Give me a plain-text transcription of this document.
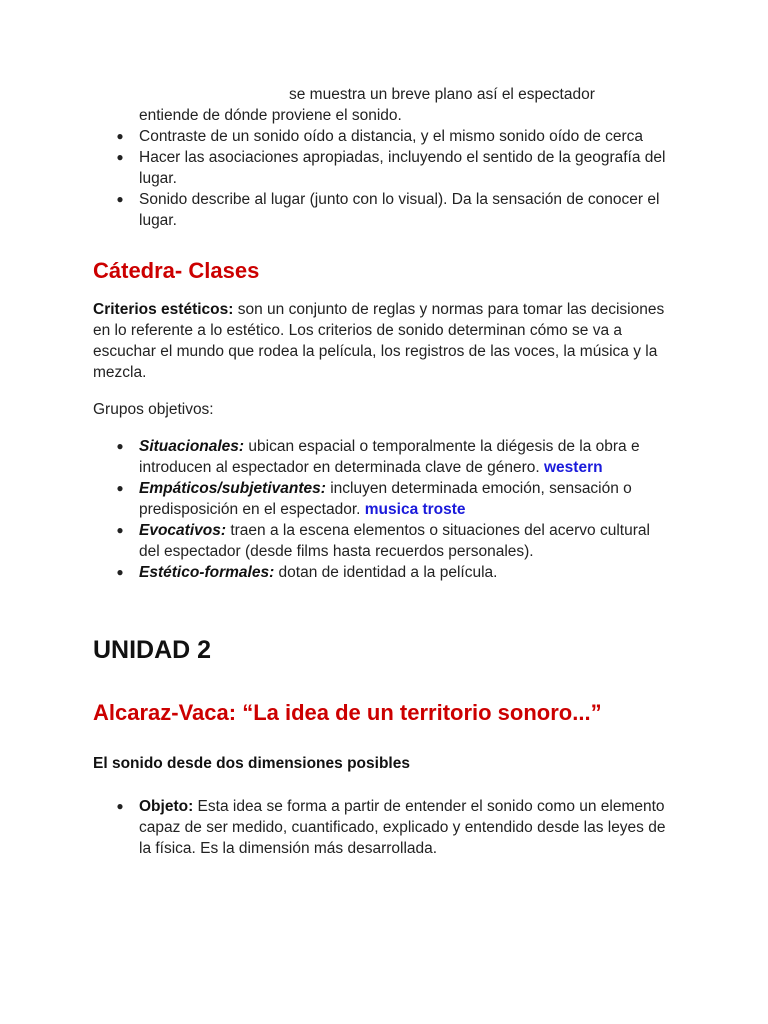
se muestra un breve plano así el espectador
entiende de dónde proviene el sonido.
● Contraste de un sonido oído a distancia, y el mismo sonido oído de cerca
● Hacer las asociaciones apropiadas, incluyendo el sentido de la geografía del lugar.
● Sonido describe al lugar (junto con lo visual). Da la sensación de conocer el lugar.
Cátedra- Clases

Criterios estéticos: son un conjunto de reglas y normas para tomar las decisiones en lo referente a lo estético. Los criterios de sonido determinan cómo se va a escuchar el mundo que rodea la película, los registros de las voces, la música y la mezcla.

Grupos objetivos:

● Situacionales: ubican espacial o temporalmente la diégesis de la obra e introducen al espectador en determinada clave de género. western
● Empáticos/subjetivantes: incluyen determinada emoción, sensación o predisposición en el espectador. musica troste
● Evocativos: traen a la escena elementos o situaciones del acervo cultural del espectador (desde films hasta recuerdos personales).
● Estético-formales: dotan de identidad a la película.
UNIDAD 2
Alcaraz-Vaca: “La idea de un territorio sonoro...”
El sonido desde dos dimensiones posibles
● Objeto: Esta idea se forma a partir de entender el sonido como un elemento capaz de ser medido, cuantificado, explicado y entendido desde las leyes de la física. Es la dimensión más desarrollada.
